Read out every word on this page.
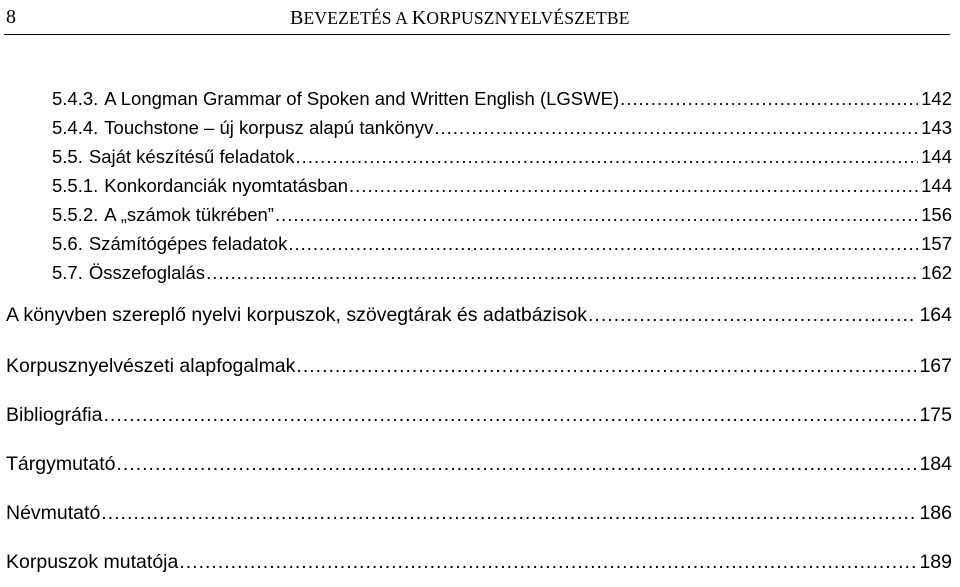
8	BEVEZETÉS A KORPUSZNYELVÉSZETBE
5.4.3. A Longman Grammar of Spoken and Written English (LGSWE) .....	142
5.4.4. Touchstone – új korpusz alapú tankönyv .....	143
5.5. Saját készítésű feladatok .....	144
5.5.1. Konkordanciák nyomtatásban .....	144
5.5.2. A „számok tükrében” .....	156
5.6. Számítógépes feladatok .....	157
5.7. Összefoglalás .....	162
A könyvben szereplő nyelvi korpuszok, szövegtárak és adatbázisok .....	164
Korpusznyelvészeti alapfogalmak .....	167
Bibliográfia .....	175
Tárgymutató .....	184
Névmutató .....	186
Korpuszok mutatója .....	189
